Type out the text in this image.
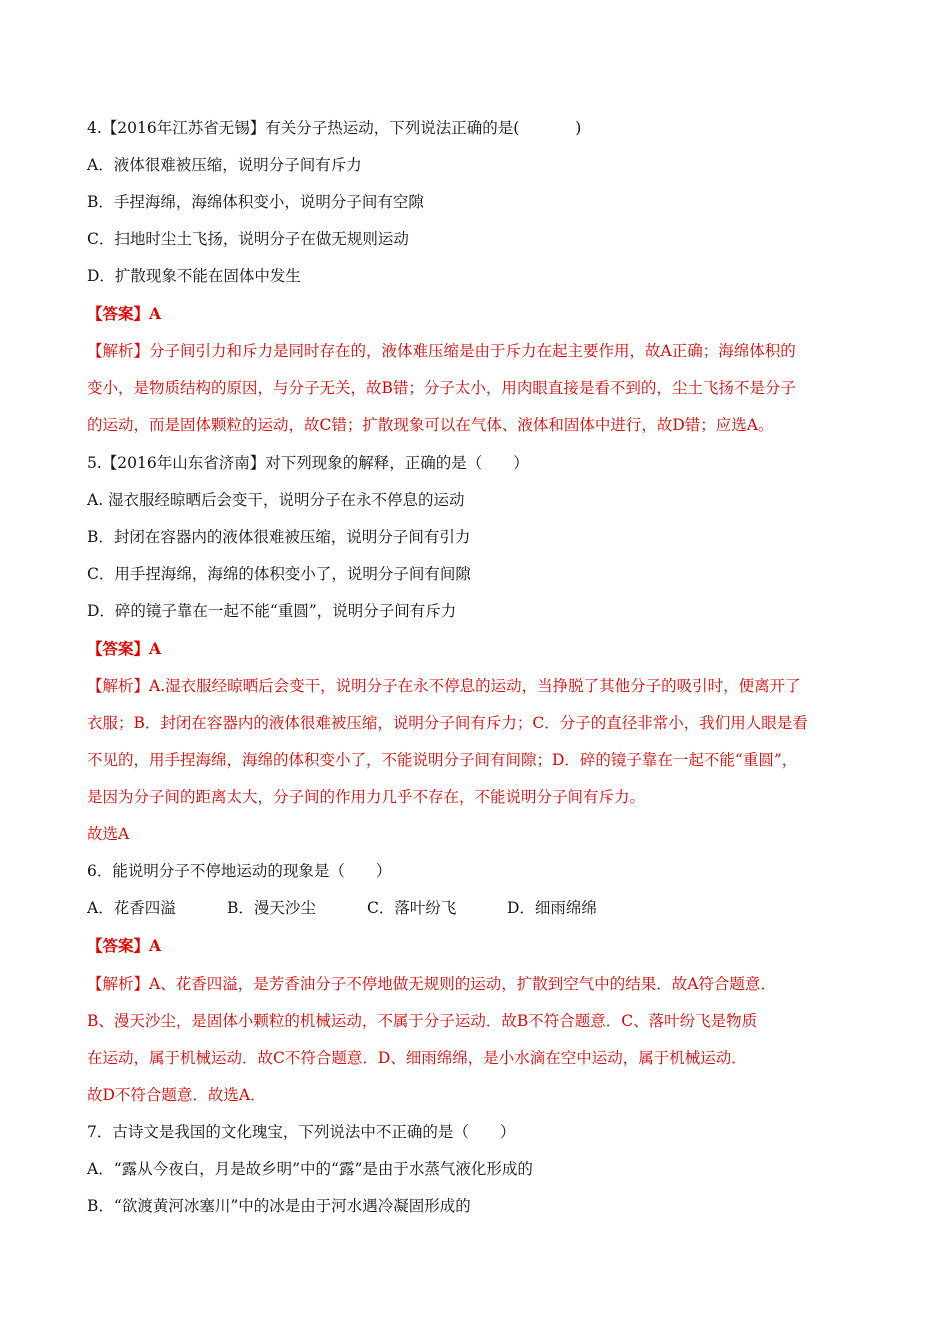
4.【2016年江苏省无锡】有关分子热运动，下列说法正确的是(	)
A．液体很难被压缩，说明分子间有斥力
B．手捏海绵，海绵体积变小，说明分子间有空隙
C．扫地时尘土飞扬，说明分子在做无规则运动
D．扩散现象不能在固体中发生
【答案】A
【解析】分子间引力和斥力是同时存在的，液体难压缩是由于斥力在起主要作用，故A正确；海绵体积的
变小，是物质结构的原因，与分子无关，故B错；分子太小，用肉眼直接是看不到的，尘土飞扬不是分子
的运动，而是固体颗粒的运动，故C错；扩散现象可以在气体、液体和固体中进行，故D错；应选A。
5.【2016年山东省济南】对下列现象的解释，正确的是（　　）
A. 湿衣服经晾晒后会变干，说明分子在永不停息的运动
B．封闭在容器内的液体很难被压缩，说明分子间有引力
C．用手捏海绵，海绵的体积变小了，说明分子间有间隙
D．碎的镜子靠在一起不能“重圆”，说明分子间有斥力
【答案】A
【解析】A.湿衣服经晾晒后会变干，说明分子在永不停息的运动，当挣脱了其他分子的吸引时，便离开了
衣服；B．封闭在容器内的液体很难被压缩，说明分子间有斥力；C．分子的直径非常小，我们用人眼是看
不见的，用手捏海绵，海绵的体积变小了，不能说明分子间有间隙；D．碎的镜子靠在一起不能“重圆”，
是因为分子间的距离太大，分子间的作用力几乎不存在，不能说明分子间有斥力。
故选A
6．能说明分子不停地运动的现象是（　　）
A．花香四溢	B．漫天沙尘	C．落叶纷飞	D．细雨绵绵
【答案】A
【解析】A、花香四溢，是芳香油分子不停地做无规则的运动，扩散到空气中的结果．故A符合题意．
B、漫天沙尘，是固体小颗粒的机械运动，不属于分子运动．故B不符合题意．C、落叶纷飞是物质
在运动，属于机械运动．故C不符合题意．D、细雨绵绵，是小水滴在空中运动，属于机械运动．
故D不符合题意．故选A．
7．古诗文是我国的文化瑰宝，下列说法中不正确的是（　　）
A．“露从今夜白，月是故乡明”中的“露”是由于水蒸气液化形成的
B．“欲渡黄河冰塞川”中的冰是由于河水遇冷凝固形成的
